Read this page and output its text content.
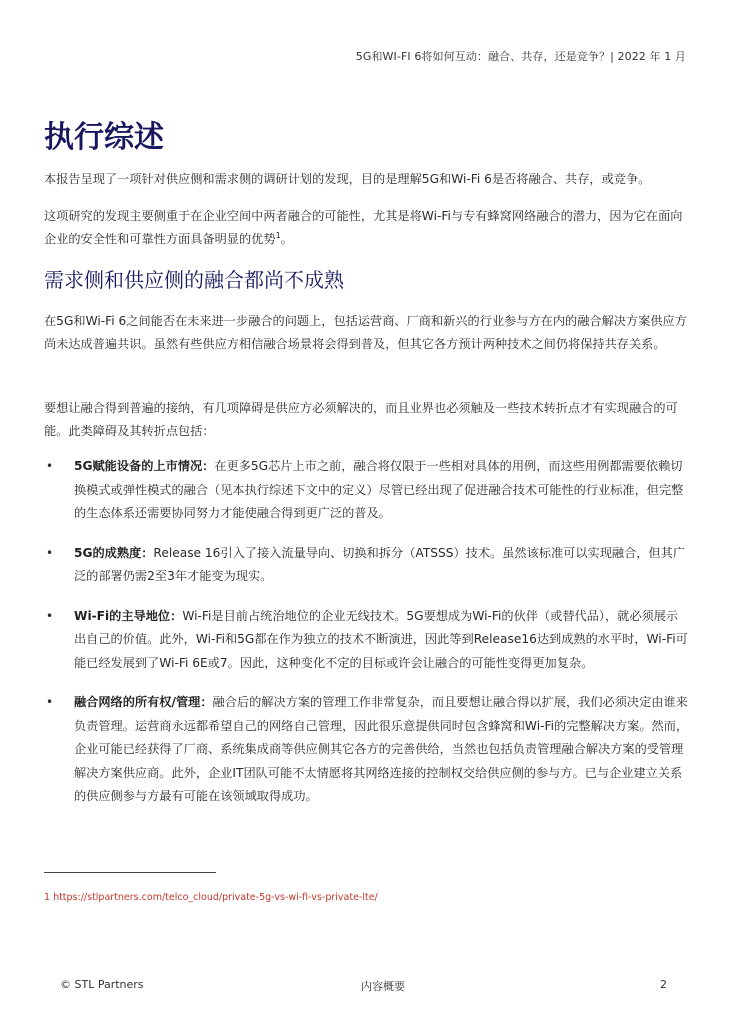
5G和WI-FI 6将如何互动：融合、共存，还是竞争？| 2022 年 1 月
执行综述

本报告呈现了一项针对供应侧和需求侧的调研计划的发现，目的是理解5G和Wi-Fi 6是否将融合、共存，或竞争。

这项研究的发现主要侧重于在企业空间中两者融合的可能性，尤其是将Wi-Fi与专有蜂窝网络融合的潜力，因为它在面向企业的安全性和可靠性方面具备明显的优势$^1$。

需求侧和供应侧的融合都尚不成熟

在5G和Wi-Fi 6之间能否在未来进一步融合的问题上，包括运营商、厂商和新兴的行业参与方在内的融合解决方案供应方尚未达成普遍共识。虽然有些供应方相信融合场景将会得到普及，但其它各方预计两种技术之间仍将保持共存关系。

要想让融合得到普遍的接纳，有几项障碍是供应方必须解决的，而且业界也必须触及一些技术转折点才有实现融合的可能。此类障碍及其转折点包括：

• 5G赋能设备的上市情况：在更多5G芯片上市之前，融合将仅限于一些相对具体的用例，而这些用例都需要依赖切换模式或弹性模式的融合（见本执行综述下文中的定义）尽管已经出现了促进融合技术可能性的行业标准，但完整的生态体系还需要协同努力才能使融合得到更广泛的普及。
• 5G的成熟度：Release 16引入了接入流量导向、切换和拆分（ATSSS）技术。虽然该标准可以实现融合，但其广泛的部署仍需2至3年才能变为现实。
• Wi-Fi的主导地位：Wi-Fi是目前占统治地位的企业无线技术。5G要想成为Wi-Fi的伙伴（或替代品），就必须展示出自己的价值。此外，Wi-Fi和5G都在作为独立的技术不断演进，因此等到Release16达到成熟的水平时，Wi-Fi可能已经发展到了Wi-Fi 6E或7。因此，这种变化不定的目标或许会让融合的可能性变得更加复杂。
• 融合网络的所有权/管理：融合后的解决方案的管理工作非常复杂，而且要想让融合得以扩展，我们必须决定由谁来负责管理。运营商永远都希望自己的网络自己管理，因此很乐意提供同时包含蜂窝和Wi-Fi的完整解决方案。然而，企业可能已经获得了厂商、系统集成商等供应侧其它各方的完善供给，当然也包括负责管理融合解决方案的受管理解决方案供应商。此外，企业IT团队可能不太情愿将其网络连接的控制权交给供应侧的参与方。已与企业建立关系的供应侧参与方最有可能在该领域取得成功。
1 https://stlpartners.com/telco_cloud/private-5g-vs-wi-fi-vs-private-lte/
© STL Partners	内容概要	2
